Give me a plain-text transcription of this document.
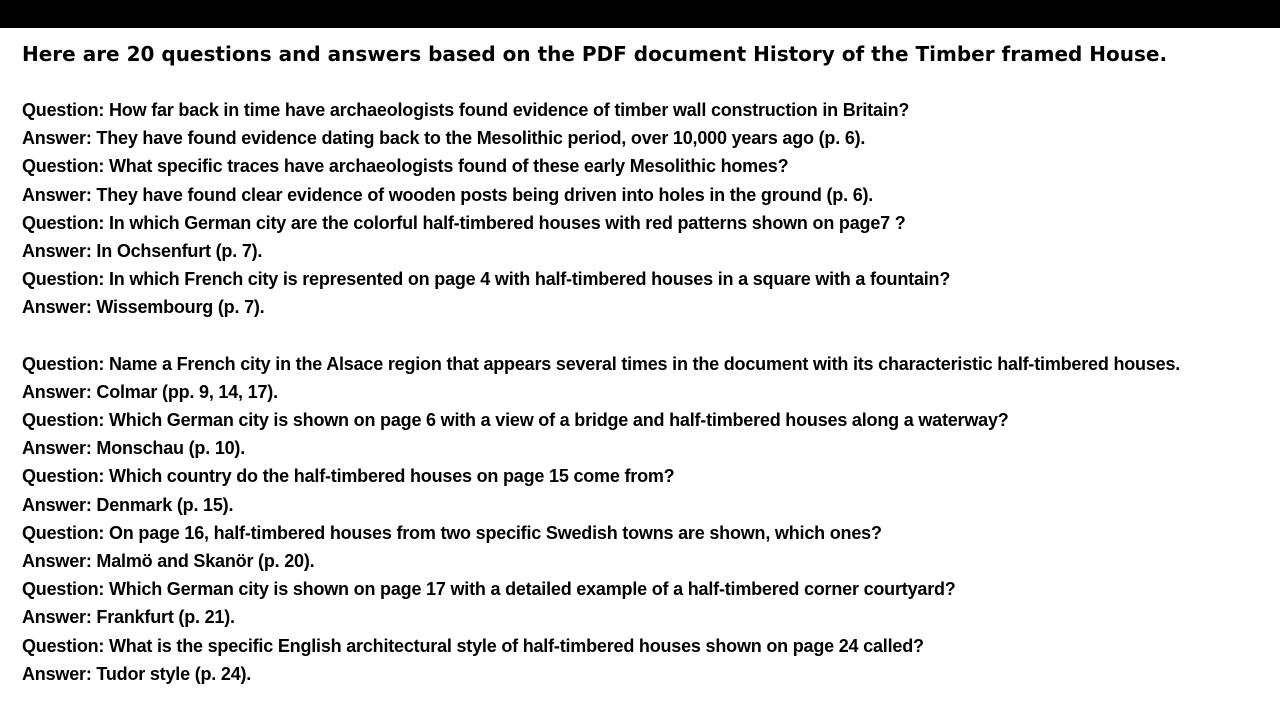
Here are 20 questions and answers based on the PDF document History of the Timber framed House.
Question: How far back in time have archaeologists found evidence of timber wall construction in Britain?
Answer: They have found evidence dating back to the Mesolithic period, over 10,000 years ago (p. 6).
Question: What specific traces have archaeologists found of these early Mesolithic homes?
Answer: They have found clear evidence of wooden posts being driven into holes in the ground (p. 6).
Question: In which German city are the colorful half-timbered houses with red patterns shown on page7 ?
Answer: In Ochsenfurt (p. 7).
Question: In which French city is represented on page 4 with half-timbered houses in a square with a fountain?
Answer: Wissembourg (p. 7).
Question: Name a French city in the Alsace region that appears several times in the document with its characteristic half-timbered houses.
Answer: Colmar (pp. 9, 14, 17).
Question: Which German city is shown on page 6 with a view of a bridge and half-timbered houses along a waterway?
Answer: Monschau (p. 10).
Question: Which country do the half-timbered houses on page 15 come from?
Answer: Denmark (p. 15).
Question: On page 16, half-timbered houses from two specific Swedish towns are shown, which ones?
Answer: Malmö and Skanör (p. 20).
Question: Which German city is shown on page 17 with a detailed example of a half-timbered corner courtyard?
Answer: Frankfurt (p. 21).
Question: What is the specific English architectural style of half-timbered houses shown on page 24 called?
Answer: Tudor style (p. 24).
